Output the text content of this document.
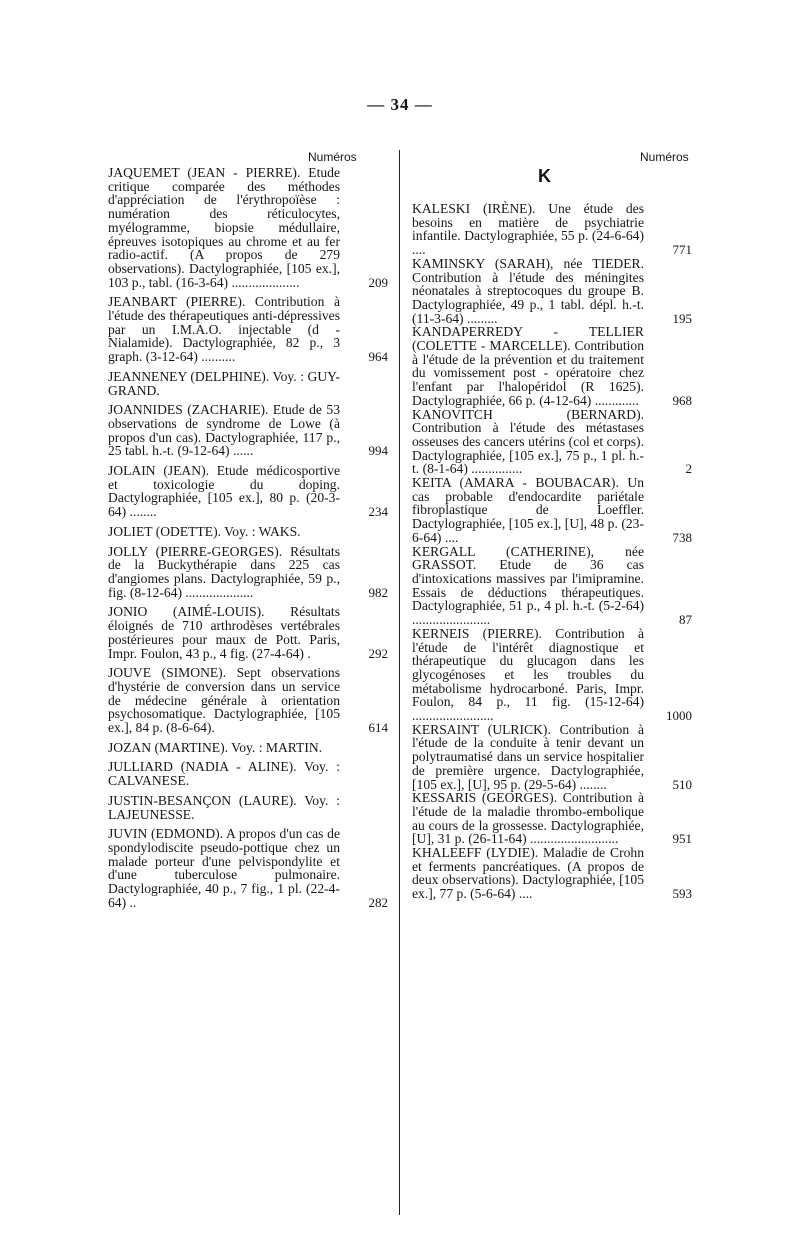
— 34 —
Numéros	Numéros
K
JAQUEMET (JEAN - PIERRE). Etude critique comparée des méthodes d'appréciation de l'érythropoïèse : numération des réticulocytes, myélogramme, biopsie médullaire, épreuves isotopiques au chrome et au fer radio-actif. (A propos de 279 observations). Dactylographiée, [105 ex.], 103 p., tabl. (16-3-64) ....................	209
JEANBART (PIERRE). Contribution à l'étude des thérapeutiques anti-dépressives par un I.M.A.O. injectable (d - Nialamide). Dactylographiée, 82 p., 3 graph. (3-12-64) ..........	964
JEANNENEY (DELPHINE). Voy. : GUY-GRAND.
JOANNIDES (ZACHARIE). Etude de 53 observations de syndrome de Lowe (à propos d'un cas). Dactylographiée, 117 p., 25 tabl. h.-t. (9-12-64) ......	994
JOLAIN (JEAN). Etude médicosportive et toxicologie du doping. Dactylographiée, [105 ex.], 80 p. (20-3-64) ........	234
JOLIET (ODETTE). Voy. : WAKS.
JOLLY (PIERRE-GEORGES). Résultats de la Buckythérapie dans 225 cas d'angiomes plans. Dactylographiée, 59 p., fig. (8-12-64) ....................	982
JONIO (AIMÉ-LOUIS). Résultats éloignés de 710 arthrodèses vertébrales postérieures pour maux de Pott. Paris, Impr. Foulon, 43 p., 4 fig. (27-4-64) .	292
JOUVE (SIMONE). Sept observations d'hystérie de conversion dans un service de médecine générale à orientation psychosomatique. Dactylographiée, [105 ex.], 84 p. (8-6-64).	614
JOZAN (MARTINE). Voy. : MARTIN.
JULLIARD (NADIA - ALINE). Voy. : CALVANESE.
JUSTIN-BESANÇON (LAURE). Voy. : LAJEUNESSE.
JUVIN (EDMOND). A propos d'un cas de spondylodiscite pseudo-pottique chez un malade porteur d'une pelvispondylite et d'une tuberculose pulmonaire. Dactylographiée, 40 p., 7 fig., 1 pl. (22-4-64) ..	282
KALESKI (IRÈNE). Une étude des besoins en matière de psychiatrie infantile. Dactylographiée, 55 p. (24-6-64) ....	771
KAMINSKY (SARAH), née TIEDER. Contribution à l'étude des méningites néonatales à streptocoques du groupe B. Dactylographiée, 49 p., 1 tabl. dépl. h.-t. (11-3-64) .........	195
KANDAPERREDY - TELLIER (COLETTE - MARCELLE). Contribution à l'étude de la prévention et du traitement du vomissement post - opératoire chez l'enfant par l'halopéridol (R 1625). Dactylographiée, 66 p. (4-12-64) .............	968
KANOVITCH (BERNARD). Contribution à l'étude des métastases osseuses des cancers utérins (col et corps). Dactylographiée, [105 ex.], 75 p., 1 pl. h.-t. (8-1-64) ...............	2
KEITA (AMARA - BOUBACAR). Un cas probable d'endocardite pariétale fibroplastique de Loeffler. Dactylographiée, [105 ex.], [U], 48 p. (23-6-64) ....	738
KERGALL (CATHERINE), née GRASSOT. Etude de 36 cas d'intoxications massives par l'imipramine. Essais de déductions thérapeutiques. Dactylographiée, 51 p., 4 pl. h.-t. (5-2-64) .......................	87
KERNEIS (PIERRE). Contribution à l'étude de l'intérêt diagnostique et thérapeutique du glucagon dans les glycogénoses et les troubles du métabolisme hydrocarboné. Paris, Impr. Foulon, 84 p., 11 fig. (15-12-64) ........................	1000
KERSAINT (ULRICK). Contribution à l'étude de la conduite à tenir devant un polytraumatisé dans un service hospitalier de première urgence. Dactylographiée, [105 ex.], [U], 95 p. (29-5-64) ........	510
KESSARIS (GEORGES). Contribution à l'étude de la maladie thrombo-embolique au cours de la grossesse. Dactylographiée, [U], 31 p. (26-11-64) ..........................	951
KHALEEFF (LYDIE). Maladie de Crohn et ferments pancréatiques. (A propos de deux observations). Dactylographiée, [105 ex.], 77 p. (5-6-64) ....	593
